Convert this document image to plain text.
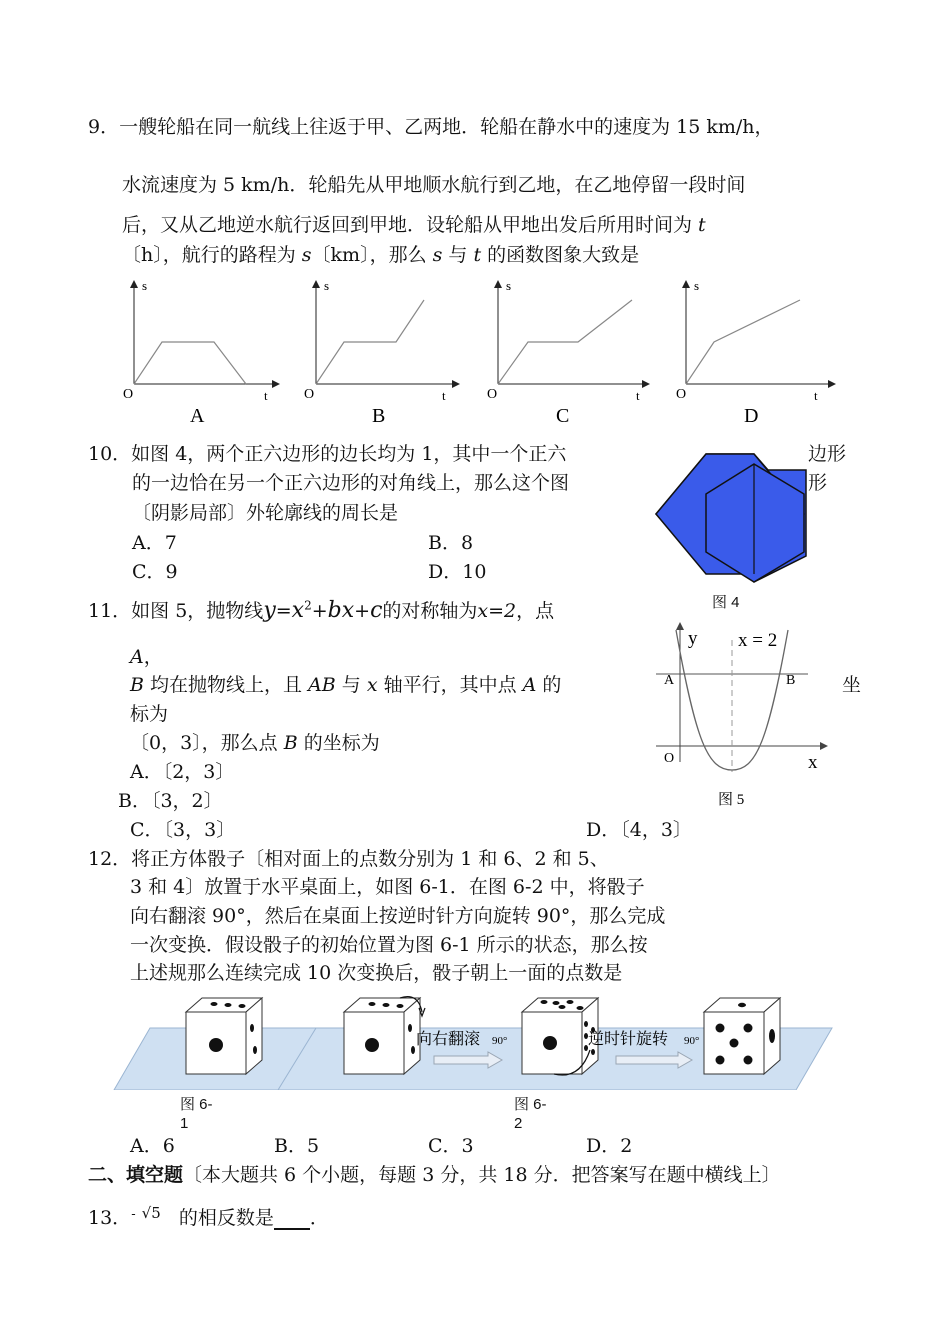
9．一艘轮船在同一航线上往返于甲、乙两地．轮船在静水中的速度为 15 km/h，
水流速度为 5 km/h．轮船先从甲地顺水航行到乙地，在乙地停留一段时间
后，又从乙地逆水航行返回到甲地．设轮船从甲地出发后所用时间为 t
〔h〕，航行的路程为 s〔km〕，那么 s 与 t 的函数图象大致是
s
t
O
A
s
t
O
B
s
t
O
C
s
t
O
D
10．如图 4，两个正六边形的边长均为 1，其中一个正六	边形
的一边恰在另一个正六边形的对角线上，那么这个图	形
〔阴影局部〕外轮廓线的周长是
A．7	B．8
C．9	D．10
图 4
11．如图 5，抛物线$y=x^2+bx+c$的对称轴为x=2，点
A，
B 均在抛物线上，且 AB 与 x 轴平行，其中点 A 的	坐
标为
〔0，3〕，那么点 B 的坐标为
A．〔2，3〕
B．〔3，2〕
C．〔3，3〕	D．〔4，3〕
y x = 2
A	B
O	x
图 5
12．将正方体骰子〔相对面上的点数分别为 1 和 6、2 和 5、
3 和 4〕放置于水平桌面上，如图 6-1．在图 6-2 中，将骰子
向右翻滚 90°，然后在桌面上按逆时针方向旋转 90°，那么完成
一次变换．假设骰子的初始位置为图 6-1 所示的状态，那么按
上述规那么连续完成 10 次变换后，骰子朝上一面的点数是
向右翻滚 90°	逆时针旋转 90°
图 6-
1
图 6-
2
A．6	B．5	C．3	D．2
二、填空题〔本大题共 6 个小题，每题 3 分，共 18 分．把答案写在题中横线上〕
13．- $^{√5}$   的相反数是 ．
